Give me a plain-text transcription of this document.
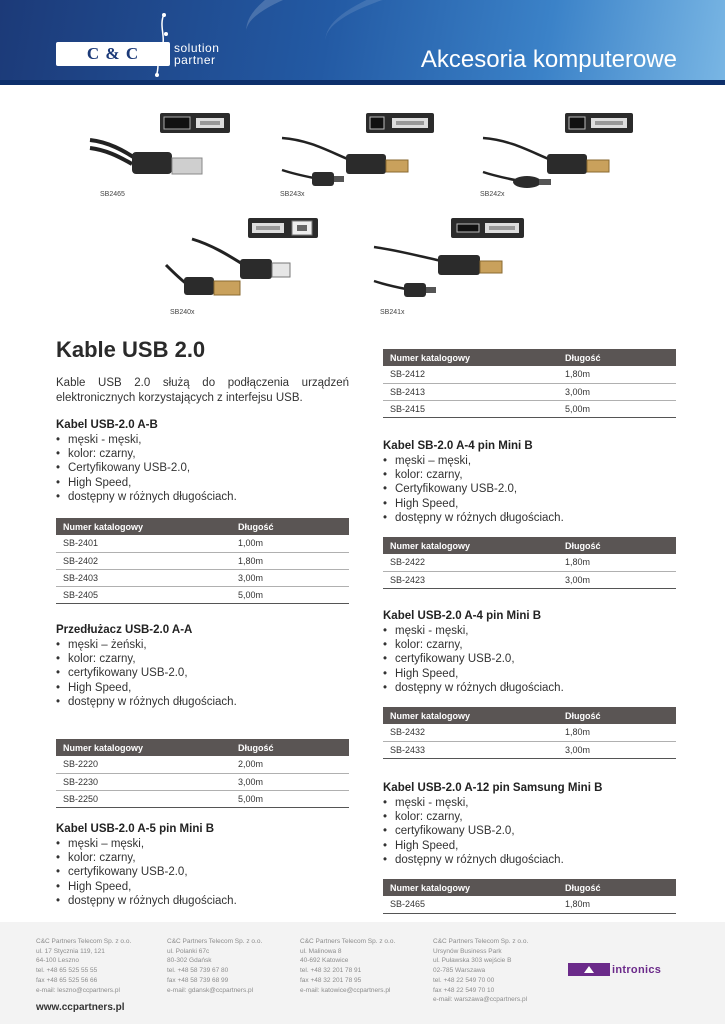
C & C	solution
partner	Akcesoria komputerowe
SB2465	SB243x	SB242x
SB240x	SB241x
Kable USB 2.0

Kable USB 2.0 służą do podłączenia urządzeń elektronicznych korzystających z interfejsu USB.

Kabel USB-2.0 A-B
• męski - męski,
• kolor: czarny,
• Certyfikowany USB-2.0,
• High Speed,
• dostępny w różnych długościach.
Numer katalogowy	Długość
SB-2401	1,00m
SB-2402	1,80m
SB-2403	3,00m
SB-2405	5,00m
Przedłużacz USB-2.0 A-A
• męski – żeński,
• kolor: czarny,
• certyfikowany USB-2.0,
• High Speed,
• dostępny w różnych długościach.
Numer katalogowy	Długość
SB-2220	2,00m
SB-2230	3,00m
SB-2250	5,00m
Kabel USB-2.0 A-5 pin Mini B
• męski – męski,
• kolor: czarny,
• certyfikowany USB-2.0,
• High Speed,
• dostępny w różnych długościach.
Numer katalogowy	Długość
SB-2412	1,80m
SB-2413	3,00m
SB-2415	5,00m
Kabel SB-2.0 A-4 pin Mini B
• męski – męski,
• kolor: czarny,
• Certyfikowany USB-2.0,
• High Speed,
• dostępny w różnych długościach.
Numer katalogowy	Długość
SB-2422	1,80m
SB-2423	3,00m
Kabel USB-2.0 A-4 pin Mini B
• męski - męski,
• kolor: czarny,
• certyfikowany USB-2.0,
• High Speed,
• dostępny w różnych długościach.
Numer katalogowy	Długość
SB-2432	1,80m
SB-2433	3,00m
Kabel USB-2.0 A-12 pin Samsung Mini B
• męski - męski,
• kolor: czarny,
• certyfikowany USB-2.0,
• High Speed,
• dostępny w różnych długościach.
Numer katalogowy	Długość
SB-2465	1,80m
C&C Partners Telecom Sp. z o.o.
ul. 17 Stycznia 119, 121
64-100 Leszno
tel. +48 65 525 55 55
fax +48 65 525 56 66
e-mail: leszno@ccpartners.pl
C&C Partners Telecom Sp. z o.o.
ul. Polanki 67c
80-302 Gdańsk
tel. +48 58 739 67 80
fax +48 58 739 68 99
e-mail: gdansk@ccpartners.pl
C&C Partners Telecom Sp. z o.o.
ul. Malinowa 8
40-692 Katowice
tel. +48 32 201 78 91
fax +48 32 201 78 95
e-mail: katowice@ccpartners.pl
C&C Partners Telecom Sp. z o.o.
Ursynów Business Park
ul. Puławska 303 wejście B
02-785 Warszawa
tel. +48 22 549 70 00
fax +48 22 549 70 10
e-mail: warszawa@ccpartners.pl
www.ccpartners.pl
intronics
